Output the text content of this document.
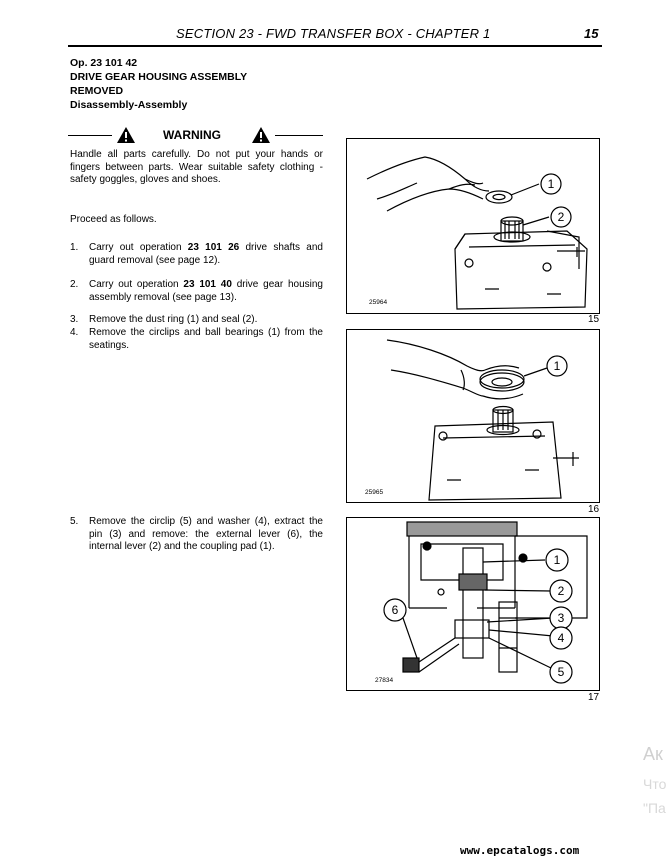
SECTION 23 - FWD TRANSFER BOX - CHAPTER 1	15
Op. 23 101 42
DRIVE GEAR HOUSING ASSEMBLY
REMOVED
Disassembly-Assembly
WARNING
Handle all parts carefully. Do not put your hands or fingers between parts. Wear suitable safety clothing - safety goggles, gloves and shoes.
Proceed as follows.
1. Carry out operation 23 101 26 drive shafts and guard removal (see page 12).
2. Carry out operation 23 101 40 drive gear housing assembly removal (see page 13).
3. Remove the dust ring (1) and seal (2).
4. Remove the circlips and ball bearings (1) from the seatings.
5. Remove the circlip (5) and washer (4), extract the pin (3) and remove: the external lever (6), the internal lever (2) and the coupling pad (1).
1
2
25964
15
1
25965
16
1
2
3
4
5
6
27834
17
Ак
Что
"Па
www.epcatalogs.com
